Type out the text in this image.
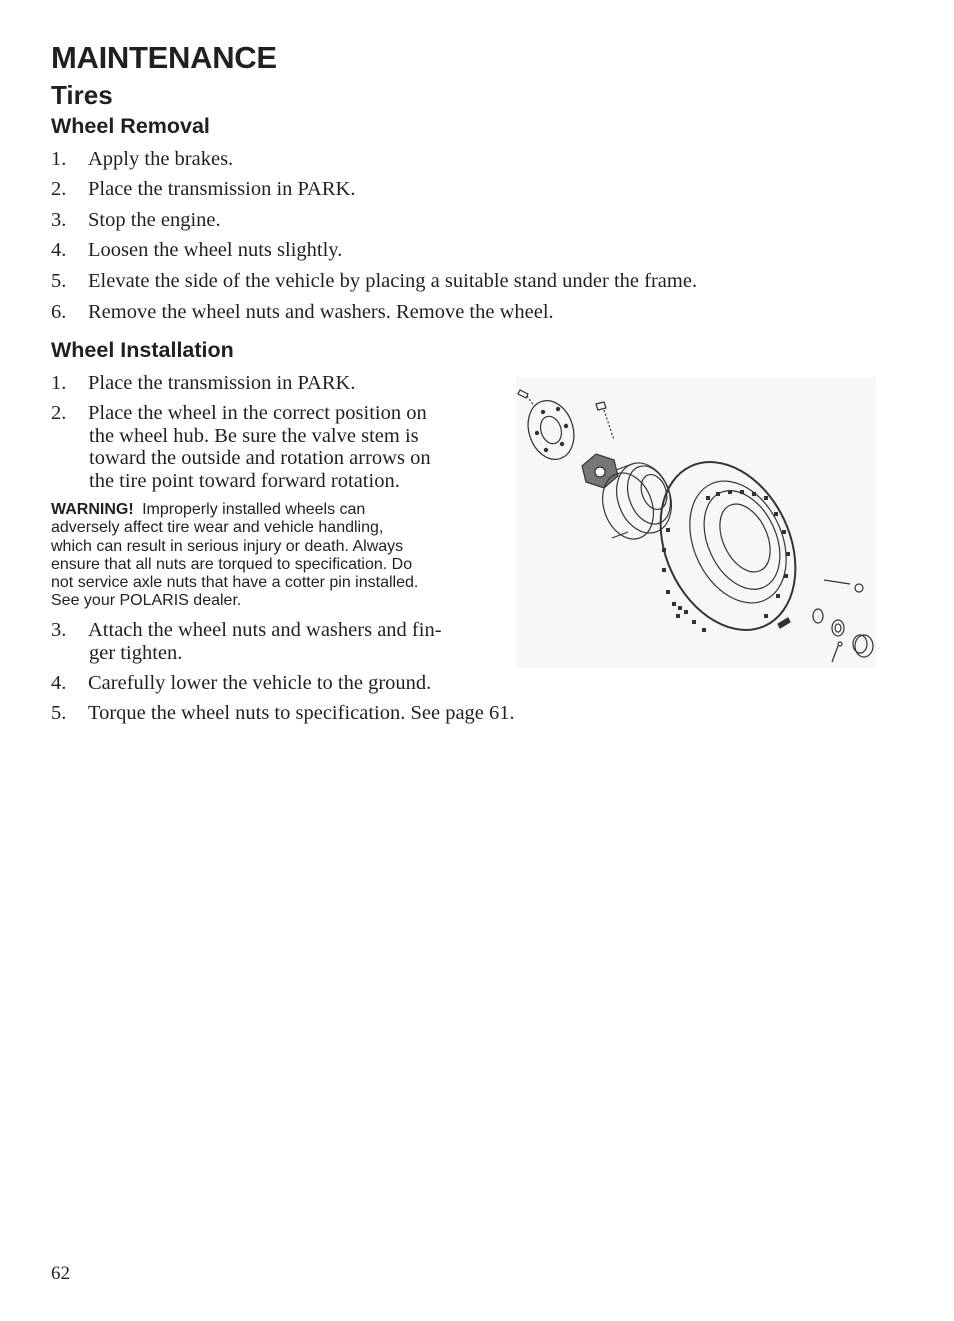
MAINTENANCE
Tires
Wheel Removal
1. Apply the brakes.
2. Place the transmission in PARK.
3. Stop the engine.
4. Loosen the wheel nuts slightly.
5. Elevate the side of the vehicle by placing a suitable stand under the frame.
6. Remove the wheel nuts and washers. Remove the wheel.
Wheel Installation
1. Place the transmission in PARK.
2. Place the wheel in the correct position on
the wheel hub. Be sure the valve stem is
toward the outside and rotation arrows on
the tire point toward forward rotation.
WARNING! Improperly installed wheels can
adversely affect tire wear and vehicle handling,
which can result in serious injury or death. Always
ensure that all nuts are torqued to specification. Do
not service axle nuts that have a cotter pin installed.
See your POLARIS dealer.
3. Attach the wheel nuts and washers and fin-
ger tighten.
4. Carefully lower the vehicle to the ground.
5. Torque the wheel nuts to specification. See page 61.
62
